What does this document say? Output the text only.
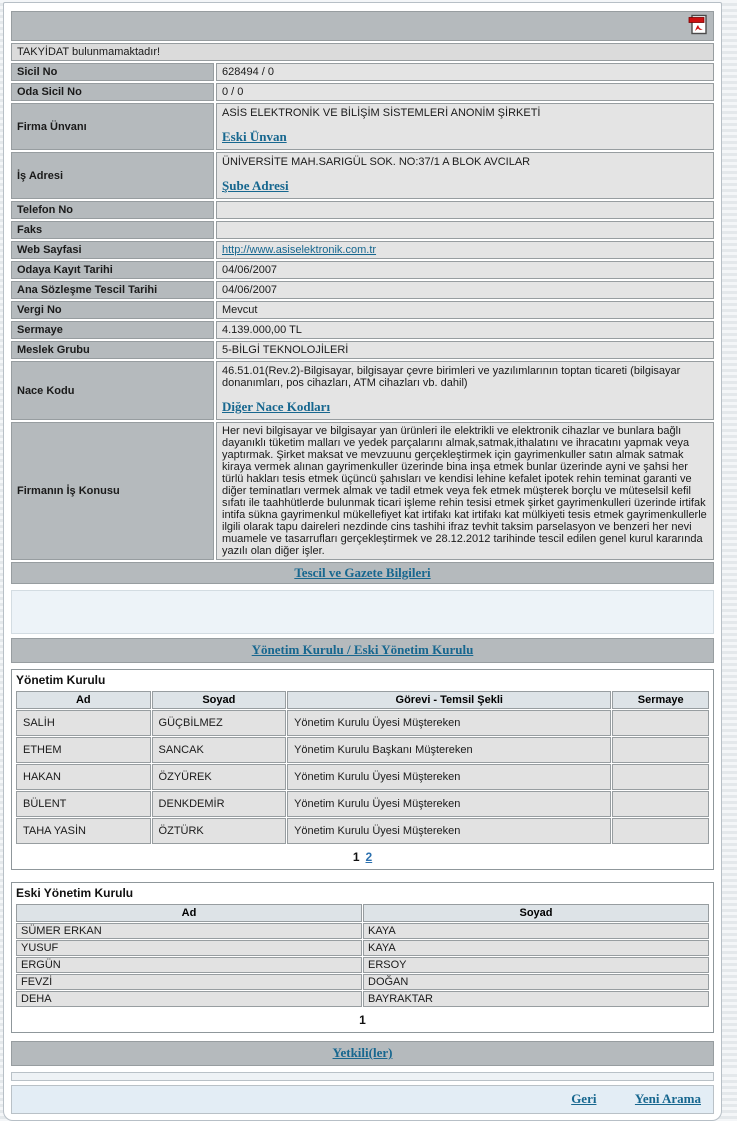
TAKYİDAT bulunmamaktadır!	
Sicil No	628494 / 0
Oda Sicil No	0 / 0
Firma Ünvanı	ASİS ELEKTRONİK VE BİLİŞİM SİSTEMLERİ ANONİM ŞİRKETİ
Eski Ünvan
İş Adresi	ÜNİVERSİTE MAH.SARIGÜL SOK. NO:37/1 A BLOK AVCILAR
Şube Adresi
Telefon No	
Faks	
Web Sayfasi	http://www.asiselektronik.com.tr
Odaya Kayıt Tarihi	04/06/2007
Ana Sözleşme Tescil Tarihi	04/06/2007
Vergi No	Mevcut
Sermaye	4.139.000,00 TL
Meslek Grubu	5-BİLGİ TEKNOLOJİLERİ
Nace Kodu	46.51.01(Rev.2)-Bilgisayar, bilgisayar çevre birimleri ve yazılımlarının toptan ticareti (bilgisayar donanımları, pos cihazları, ATM cihazları vb. dahil)
Diğer Nace Kodları
Firmanın İş Konusu	Her nevi bilgisayar ve bilgisayar yan ürünleri ile elektrikli ve elektronik cihazlar ve bunlara bağlı dayanıklı tüketim malları ve yedek parçalarını almak,satmak,ithalatını ve ihracatını yapmak veya yaptırmak. Şirket maksat ve mevzuunu gerçekleştirmek için gayrimenkuller satın almak satmak kiraya vermek alınan gayrimenkuller üzerinde bina inşa etmek bunlar üzerinde ayni ve şahsi her türlü hakları tesis etmek üçüncü şahısları ve kendisi lehine kefalet ipotek rehin teminat garanti ve diğer teminatları vermek almak ve tadil etmek veya fek etmek müşterek borçlu ve müteselsil kefil sıfatı ile taahhütlerde bulunmak ticari işleme rehin tesisi etmek şirket gayrimenkulleri üzerinde irtifak intifa sükna gayrimenkul mükellefiyet kat irtifakı kat irtifakı kat mülkiyeti tesis etmek gayrimenkullerle ilgili olarak tapu daireleri nezdinde cins tashihi ifraz tevhit taksim parselasyon ve benzeri her nevi muamele ve tasarrufları gerçekleştirmek ve 28.12.2012 tarihinde tescil edilen genel kurul kararında yazılı olan diğer işler.
Tescil ve Gazete Bilgileri	
Yönetim Kurulu / Eski Yönetim Kurulu
Yönetim Kurulu
Ad	Soyad	Görevi - Temsil Şekli	Sermaye
SALİH	GÜÇBİLMEZ	Yönetim Kurulu Üyesi Müştereken	
ETHEM	SANCAK	Yönetim Kurulu Başkanı Müştereken	
HAKAN	ÖZYÜREK	Yönetim Kurulu Üyesi Müştereken	
BÜLENT	DENKDEMİR	Yönetim Kurulu Üyesi Müştereken	
TAHA YASİN	ÖZTÜRK	Yönetim Kurulu Üyesi Müştereken	
1 2
Eski Yönetim Kurulu
Ad	Soyad
SÜMER ERKAN	KAYA
YUSUF	KAYA
ERGÜN	ERSOY
FEVZİ	DOĞAN
DEHA	BAYRAKTAR
1
Yetkili(ler)
Geri	Yeni Arama
